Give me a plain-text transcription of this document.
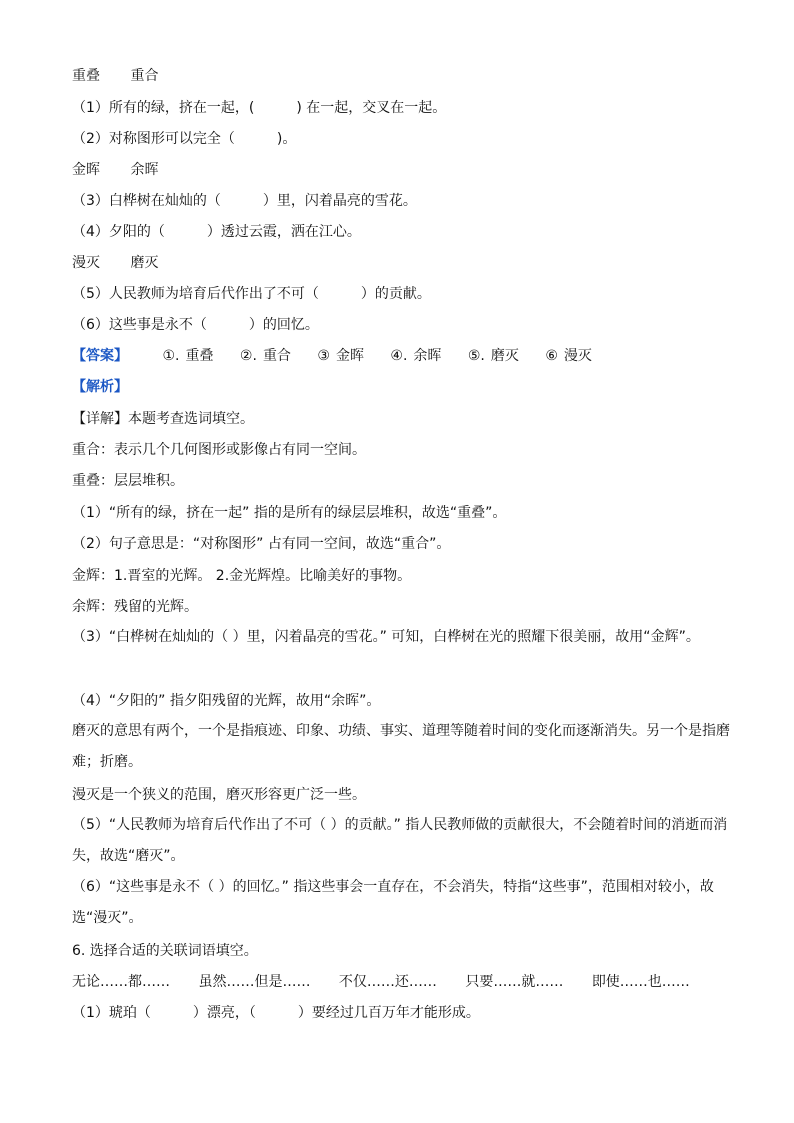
重叠 重合
（1）所有的绿，挤在一起，(　　　) 在一起，交叉在一起。
（2）对称图形可以完全（　　　)。
金晖 余晖
（3）白桦树在灿灿的（　　　）里，闪着晶亮的雪花。
（4）夕阳的（　　　）透过云霞，洒在江心。
漫灭 磨灭
（5）人民教师为培育后代作出了不可（　　　）的贡献。
（6）这些事是永不（　　　）的回忆。
【答案】 ①. 重叠 ②. 重合 ③ 金晖 ④. 余晖 ⑤. 磨灭 ⑥ 漫灭
【解析】
【详解】本题考查选词填空。
重合：表示几个几何图形或影像占有同一空间。
重叠：层层堆积。
（1）“所有的绿，挤在一起” 指的是所有的绿层层堆积，故选“重叠”。
（2）句子意思是：“对称图形” 占有同一空间，故选“重合”。
金辉：1.晋室的光辉。 2.金光辉煌。比喻美好的事物。
余辉：残留的光辉。
（3）“白桦树在灿灿的（ ）里，闪着晶亮的雪花。” 可知，白桦树在光的照耀下很美丽，故用“金辉”。
（4）“夕阳的” 指夕阳残留的光辉，故用“余晖”。
磨灭的意思有两个，一个是指痕迹、印象、功绩、事实、道理等随着时间的变化而逐渐消失。另一个是指磨难；折磨。
漫灭是一个狭义的范围，磨灭形容更广泛一些。
（5）“人民教师为培育后代作出了不可（ ）的贡献。” 指人民教师做的贡献很大，不会随着时间的消逝而消失，故选“磨灭”。
（6）“这些事是永不（ ）的回忆。” 指这些事会一直存在，不会消失，特指“这些事”，范围相对较小，故选“漫灭”。
6. 选择合适的关联词语填空。
无论……都…… 虽然……但是…… 不仅……还…… 只要……就…… 即使……也……
（1）琥珀（　　　）漂亮，（　　　）要经过几百万年才能形成。
